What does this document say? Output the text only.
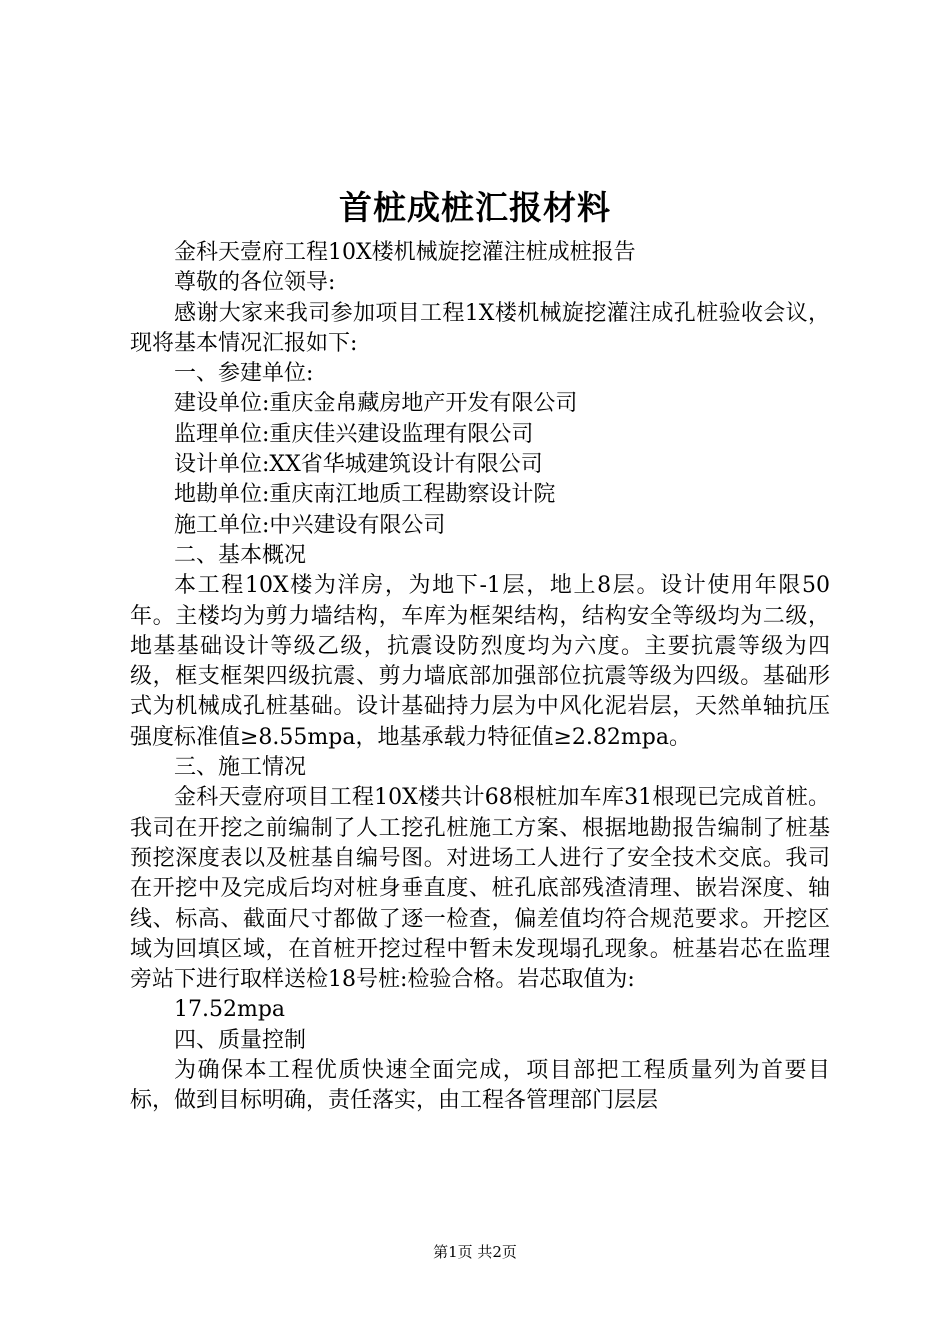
首桩成桩汇报材料

金科天壹府工程10X楼机械旋挖灌注桩成桩报告

尊敬的各位领导:

感谢大家来我司参加项目工程1X楼机械旋挖灌注成孔桩验收会议，现将基本情况汇报如下:

一、参建单位:

建设单位:重庆金帛藏房地产开发有限公司

监理单位:重庆佳兴建设监理有限公司

设计单位:XX省华城建筑设计有限公司

地勘单位:重庆南江地质工程勘察设计院

施工单位:中兴建设有限公司

二、基本概况

本工程10X楼为洋房，为地下-1层，地上8层。设计使用年限50年。主楼均为剪力墙结构，车库为框架结构，结构安全等级均为二级，地基基础设计等级乙级，抗震设防烈度均为六度。主要抗震等级为四级，框支框架四级抗震、剪力墙底部加强部位抗震等级为四级。基础形式为机械成孔桩基础。设计基础持力层为中风化泥岩层，天然单轴抗压强度标准值≥8.55mpa，地基承载力特征值≥2.82mpa。

三、施工情况

金科天壹府项目工程10X楼共计68根桩加车库31根现已完成首桩。我司在开挖之前编制了人工挖孔桩施工方案、根据地勘报告编制了桩基预挖深度表以及桩基自编号图。对进场工人进行了安全技术交底。我司在开挖中及完成后均对桩身垂直度、桩孔底部残渣清理、嵌岩深度、轴线、标高、截面尺寸都做了逐一检查，偏差值均符合规范要求。开挖区域为回填区域，在首桩开挖过程中暂未发现塌孔现象。桩基岩芯在监理旁站下进行取样送检18号桩:检验合格。岩芯取值为:

17.52mpa

四、质量控制

为确保本工程优质快速全面完成，项目部把工程质量列为首要目标，做到目标明确，责任落实，由工程各管理部门层层

第1页 共2页
